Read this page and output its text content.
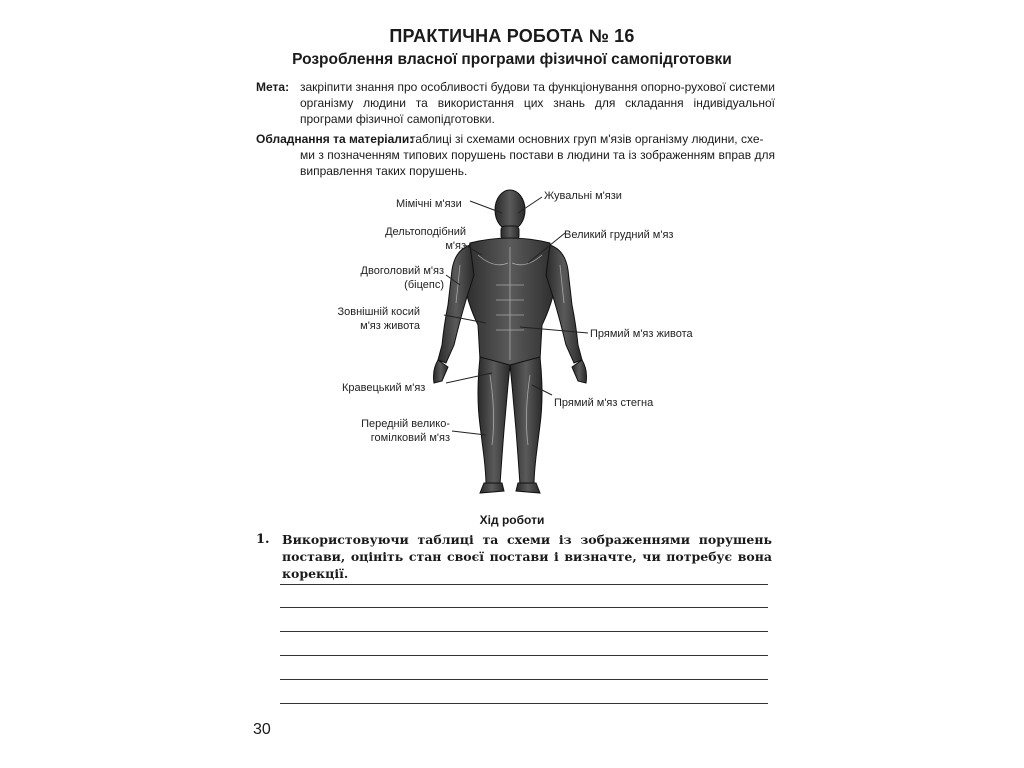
ПРАКТИЧНА РОБОТА № 16
Розроблення власної програми фізичної самопідготовки
Мета: закріпити знання про особливості будови та функціонування опорно-рухової системи організму людини та використання цих знань для складання індивідуальної програми фізичної самопідготовки.
Обладнання та матеріали:
таблиці зі схемами основних груп м'язів організму людини, схе-
ми з позначенням типових порушень постави в людини та із зображенням вправ для виправлення таких порушень.
Мімічні м'язи
Жувальні м'язи
Дельтоподібний
м'яз
Великий грудний м'яз
Двоголовий м'яз
(біцепс)
Зовнішній косий
м'яз живота
Прямий м'яз живота
Кравецький м'яз
Прямий м'яз стегна
Передній велико-
гомілковий м'яз
Хід роботи
1. Використовуючи таблиці та схеми із зображеннями порушень постави, оцініть стан своєї постави і визначте, чи потребує вона корекції.
30
